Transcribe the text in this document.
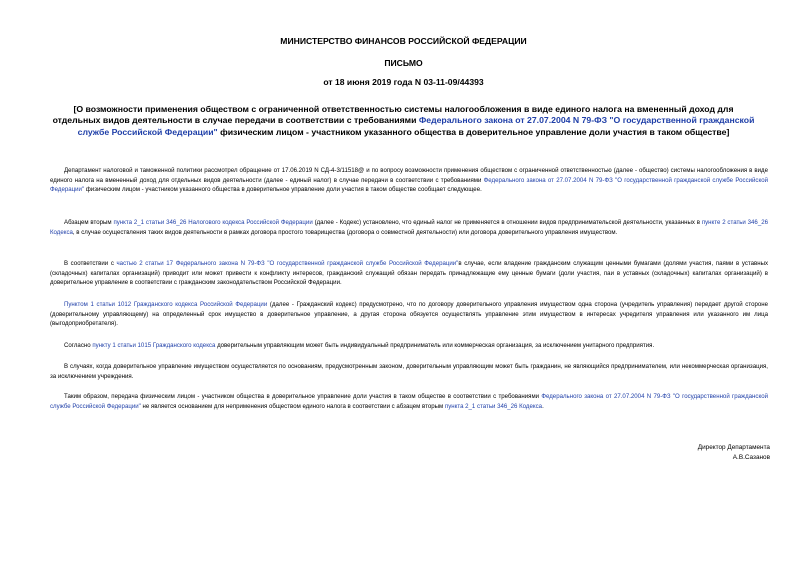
МИНИСТЕРСТВО ФИНАНСОВ РОССИЙСКОЙ ФЕДЕРАЦИИ
ПИСЬМО
от 18 июня 2019 года N 03-11-09/44393
[О возможности применения обществом с ограниченной ответственностью системы налогообложения в виде единого налога на вмененный доход для отдельных видов деятельности в случае передачи в соответствии с требованиями Федерального закона от 27.07.2004 N 79-ФЗ "О государственной гражданской службе Российской Федерации" физическим лицом - участником указанного общества в доверительное управление доли участия в таком обществе]
Департамент налоговой и таможенной политики рассмотрел обращение от 17.06.2019 N СД-4-3/11518@ и по вопросу возможности применения обществом с ограниченной ответственностью (далее - общество) системы налогообложения в виде единого налога на вмененный доход для отдельных видов деятельности (далее - единый налог) в случае передачи в соответствии с требованиями Федерального закона от 27.07.2004 N 79-ФЗ "О государственной гражданской службе Российской Федерации" физическим лицом - участником указанного общества в доверительное управление доли участия в таком обществе сообщает следующее.
Абзацем вторым пункта 2_1 статьи 346_26 Налогового кодекса Российской Федерации (далее - Кодекс) установлено, что единый налог не применяется в отношении видов предпринимательской деятельности, указанных в пункте 2 статьи 346_26 Кодекса, в случае осуществления таких видов деятельности в рамках договора простого товарищества (договора о совместной деятельности) или договора доверительного управления имуществом.
В соответствии с частью 2 статьи 17 Федерального закона N 79-ФЗ "О государственной гражданской службе Российской Федерации"в случае, если владение гражданским служащим ценными бумагами (долями участия, паями в уставных (складочных) капиталах организаций) приводит или может привести к конфликту интересов, гражданский служащий обязан передать принадлежащие ему ценные бумаги (доли участия, паи в уставных (складочных) капиталах организаций) в доверительное управление в соответствии с гражданским законодательством Российской Федерации.
Пунктом 1 статьи 1012 Гражданского кодекса Российской Федерации (далее - Гражданский кодекс) предусмотрено, что по договору доверительного управления имуществом одна сторона (учредитель управления) передает другой стороне (доверительному управляющему) на определенный срок имущество в доверительное управление, а другая сторона обязуется осуществлять управление этим имуществом в интересах учредителя управления или указанного им лица (выгодоприобретателя).
Согласно пункту 1 статьи 1015 Гражданского кодекса доверительным управляющим может быть индивидуальный предприниматель или коммерческая организация, за исключением унитарного предприятия.
В случаях, когда доверительное управление имуществом осуществляется по основаниям, предусмотренным законом, доверительным управляющим может быть гражданин, не являющийся предпринимателем, или некоммерческая организация, за исключением учреждения.
Таким образом, передача физическим лицом - участником общества в доверительное управление доли участия в таком обществе в соответствии с требованиями Федерального закона от 27.07.2004 N 79-ФЗ "О государственной гражданской службе Российской Федерации" не является основанием для неприменения обществом единого налога в соответствии с абзацем вторым пункта 2_1 статьи 346_26 Кодекса.
Директор Департамента
А.В.Сазанов
